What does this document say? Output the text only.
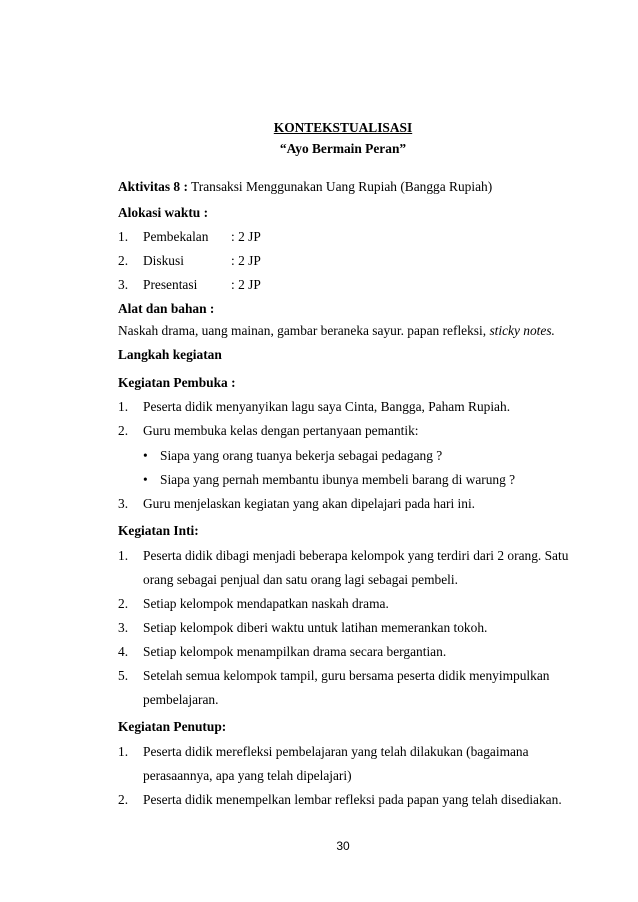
KONTEKSTUALISASI
“Ayo Bermain Peran”
Aktivitas 8 : Transaksi Menggunakan Uang Rupiah (Bangga Rupiah)
Alokasi waktu :
1. Pembekalan : 2 JP
2. Diskusi	: 2 JP
3. Presentasi	: 2 JP
Alat dan bahan :
Naskah drama, uang mainan, gambar beraneka sayur. papan refleksi, sticky notes.
Langkah kegiatan
Kegiatan Pembuka :
1. Peserta didik menyanyikan lagu saya Cinta, Bangga, Paham Rupiah.
2. Guru membuka kelas dengan pertanyaan pemantik:
• Siapa yang orang tuanya bekerja sebagai pedagang ?
• Siapa yang pernah membantu ibunya membeli barang di warung ?
3. Guru menjelaskan kegiatan yang akan dipelajari pada hari ini.
Kegiatan Inti:
1. Peserta didik dibagi menjadi beberapa kelompok yang terdiri dari 2 orang. Satu
orang sebagai penjual dan satu orang lagi sebagai pembeli.
2. Setiap kelompok mendapatkan naskah drama.
3. Setiap kelompok diberi waktu untuk latihan memerankan tokoh.
4. Setiap kelompok menampilkan drama secara bergantian.
5. Setelah semua kelompok tampil, guru bersama peserta didik menyimpulkan
pembelajaran.
Kegiatan Penutup:
1. Peserta didik merefleksi pembelajaran yang telah dilakukan (bagaimana
perasaannya, apa yang telah dipelajari)
2. Peserta didik menempelkan lembar refleksi pada papan yang telah disediakan.
30
